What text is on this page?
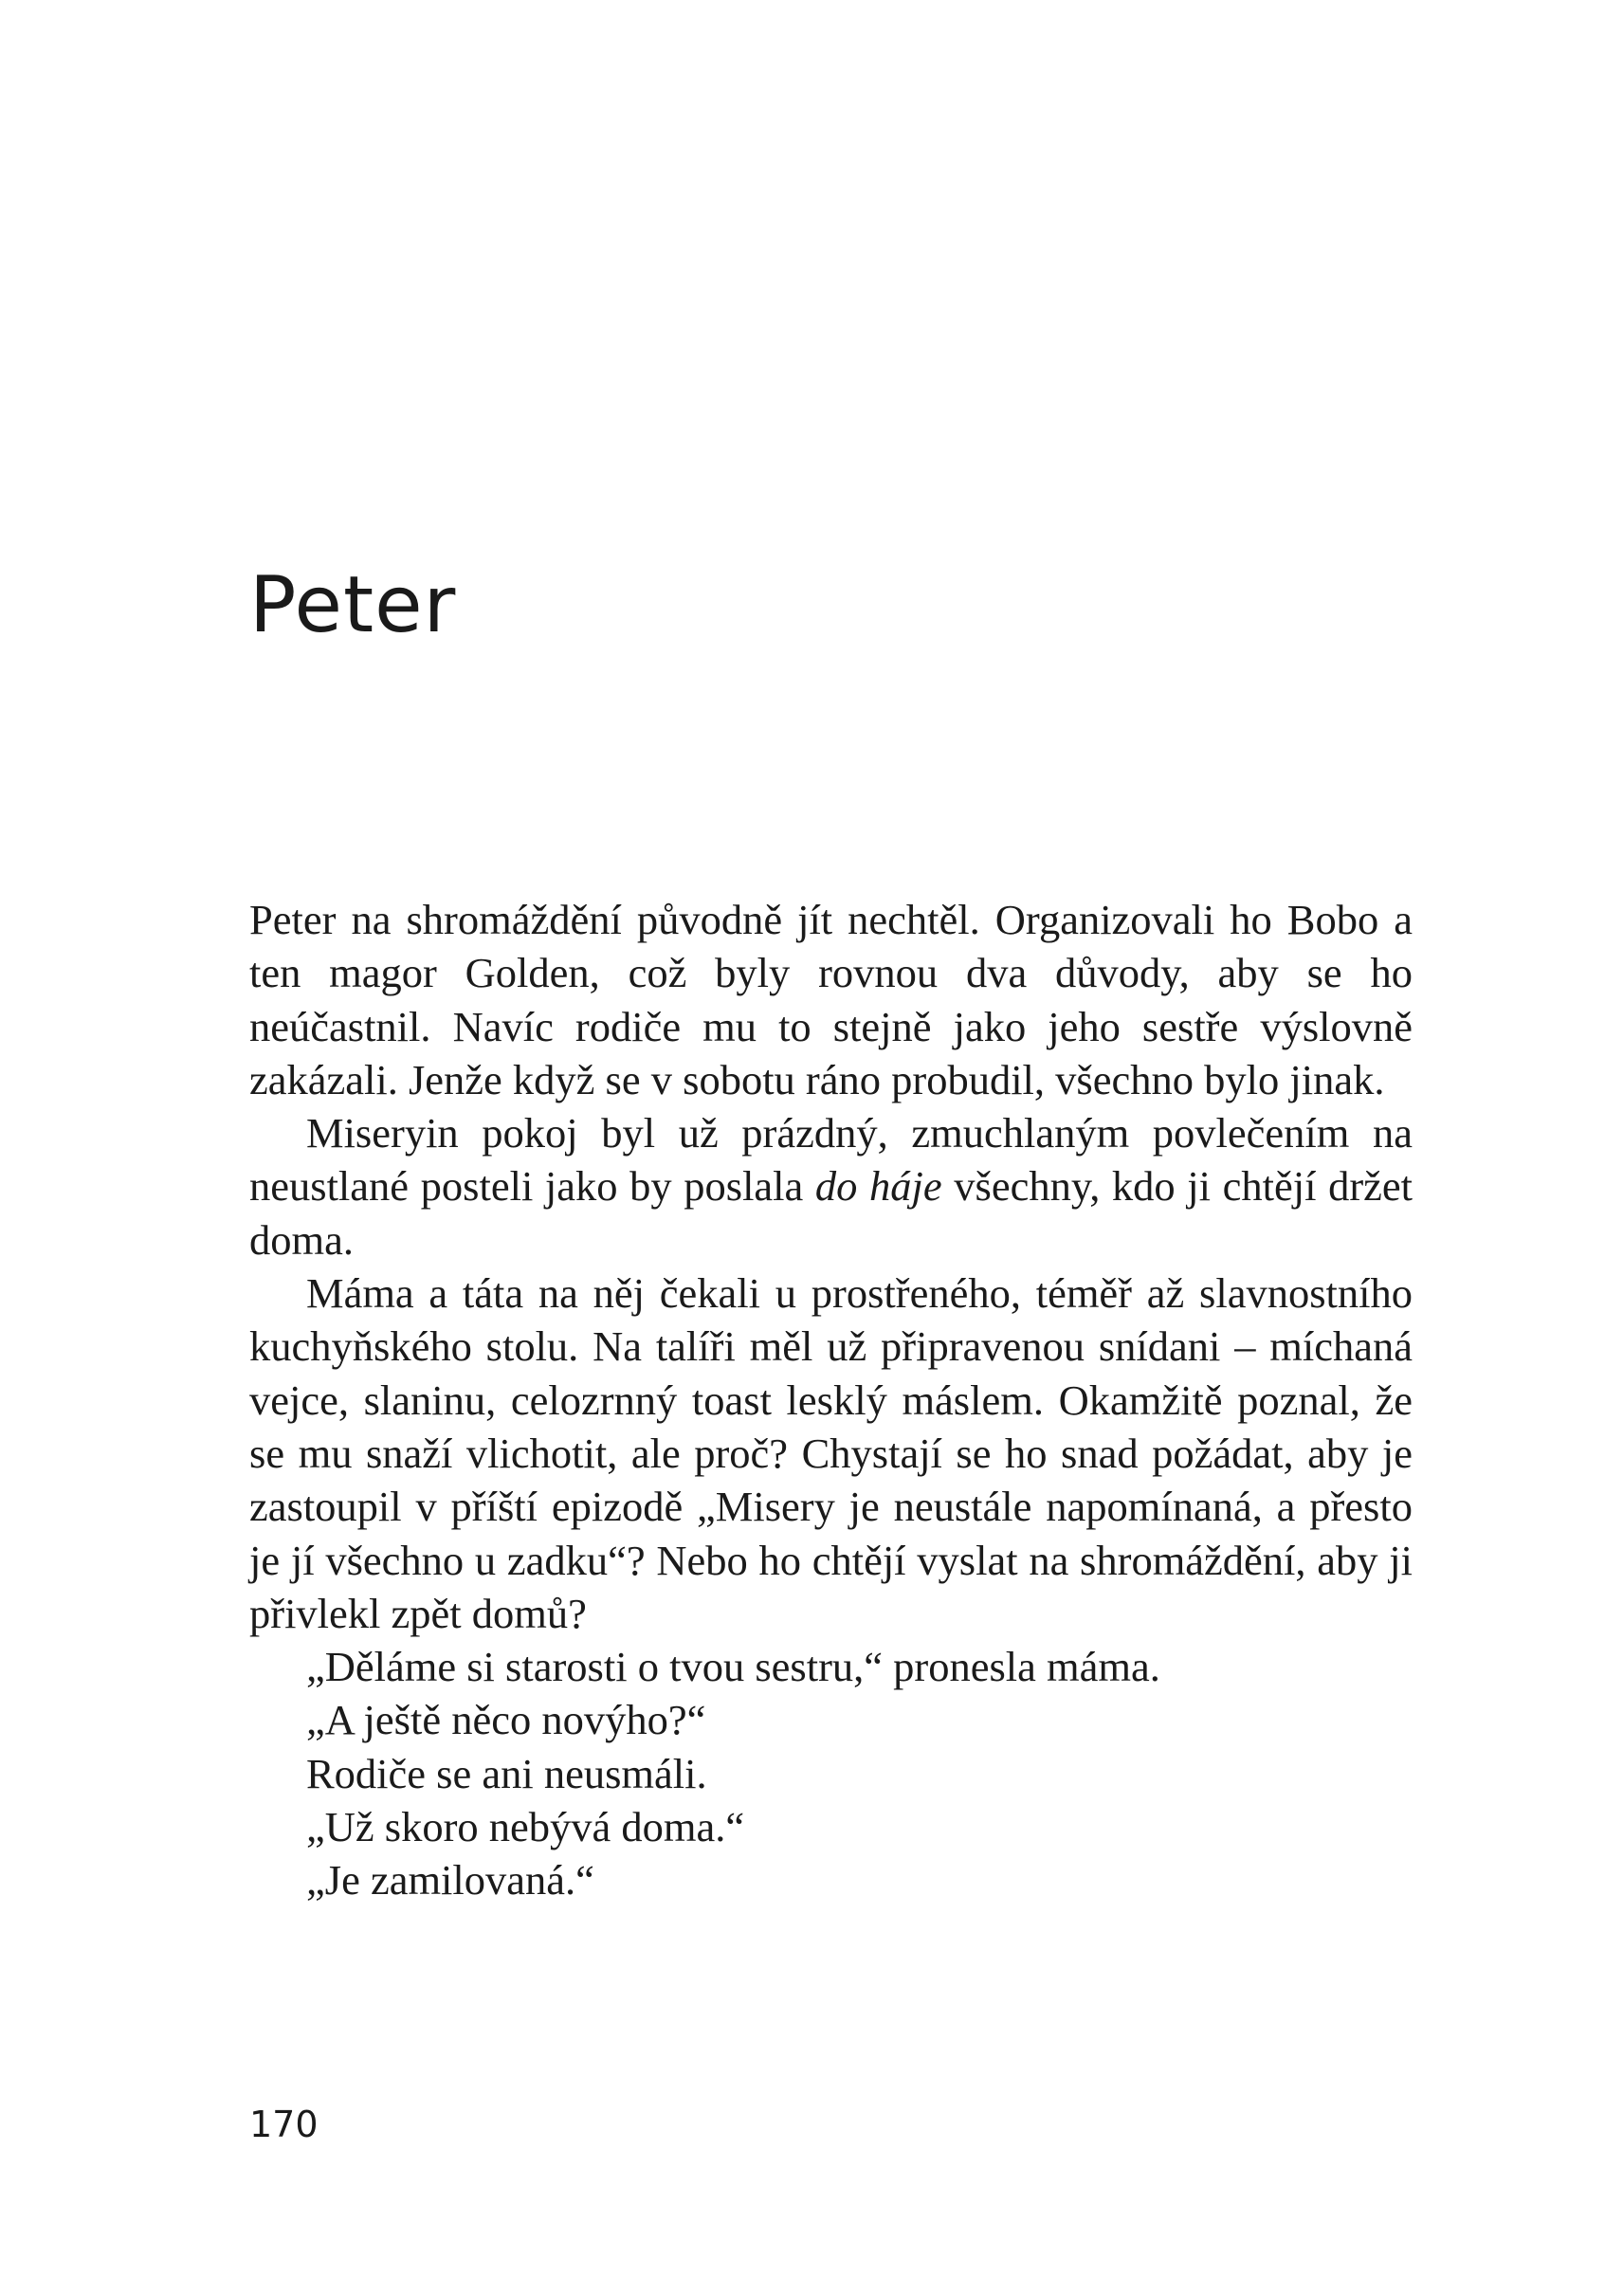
Peter

Peter na shromáždění původně jít nechtěl. Organizovali ho Bobo a ten magor Golden, což byly rovnou dva důvody, aby se ho neúčastnil. Navíc rodiče mu to stejně jako jeho sestře výslovně zakázali. Jenže když se v sobotu ráno probudil, všechno bylo jinak.

Miseryin pokoj byl už prázdný, zmuchlaným povlečením na neustlané posteli jako by poslala do háje všechny, kdo ji chtějí držet doma.

Máma a táta na něj čekali u prostřeného, téměř až slavnostního kuchyňského stolu. Na talíři měl už připravenou snídani – míchaná vejce, slaninu, celozrnný toast lesklý máslem. Okamžitě poznal, že se mu snaží vlichotit, ale proč? Chystají se ho snad požádat, aby je zastoupil v příští epizodě „Misery je neustále napomínaná, a přesto je jí všechno u zadku“? Nebo ho chtějí vyslat na shromáždění, aby ji přivlekl zpět domů?

„Děláme si starosti o tvou sestru,“ pronesla máma.

„A ještě něco novýho?“

Rodiče se ani neusmáli.

„Už skoro nebývá doma.“

„Je zamilovaná.“

170
